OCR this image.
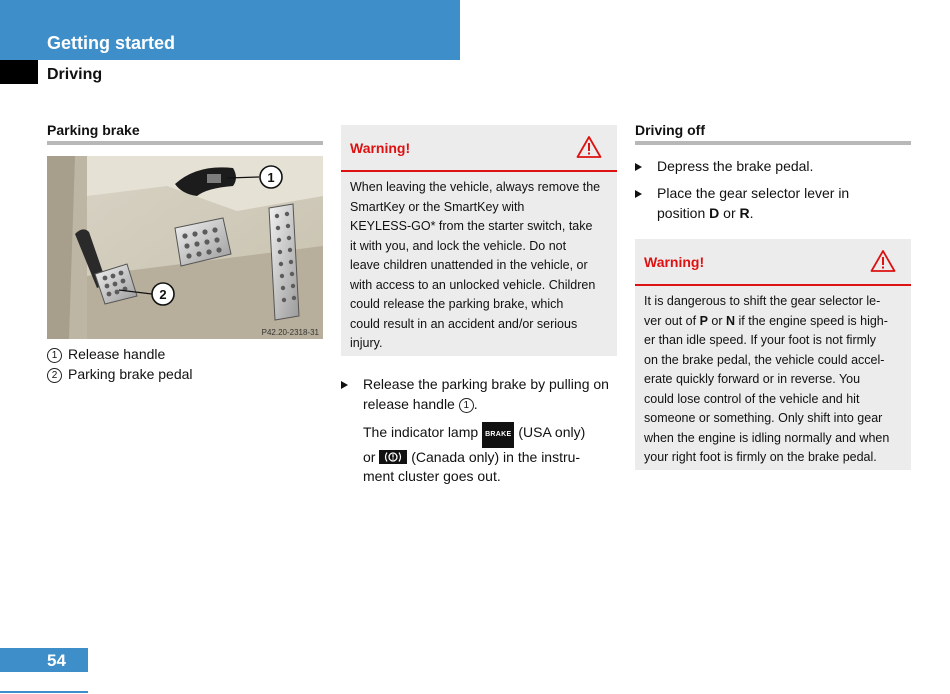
Getting started
Driving
Parking brake
1
2
P42.20-2318-31
1 Release handle
2 Parking brake pedal
Warning!
When leaving the vehicle, always remove the
SmartKey or the SmartKey with
KEYLESS-GO* from the starter switch, take
it with you, and lock the vehicle. Do not
leave children unattended in the vehicle, or
with access to an unlocked vehicle. Children
could release the parking brake, which
could result in an accident and/or serious
injury.
Release the parking brake by pulling on
release handle 1 .
The indicator lamp BRAKE (USA only)
or	(Canada only) in the instru-
ment cluster goes out.
Driving off
Depress the brake pedal.
Place the gear selector lever in
position D or R.
Warning!
It is dangerous to shift the gear selector le-
ver out of P or N if the engine speed is high-
er than idle speed. If your foot is not firmly
on the brake pedal, the vehicle could accel-
erate quickly forward or in reverse. You
could lose control of the vehicle and hit
someone or something. Only shift into gear
when the engine is idling normally and when
your right foot is firmly on the brake pedal.
54
